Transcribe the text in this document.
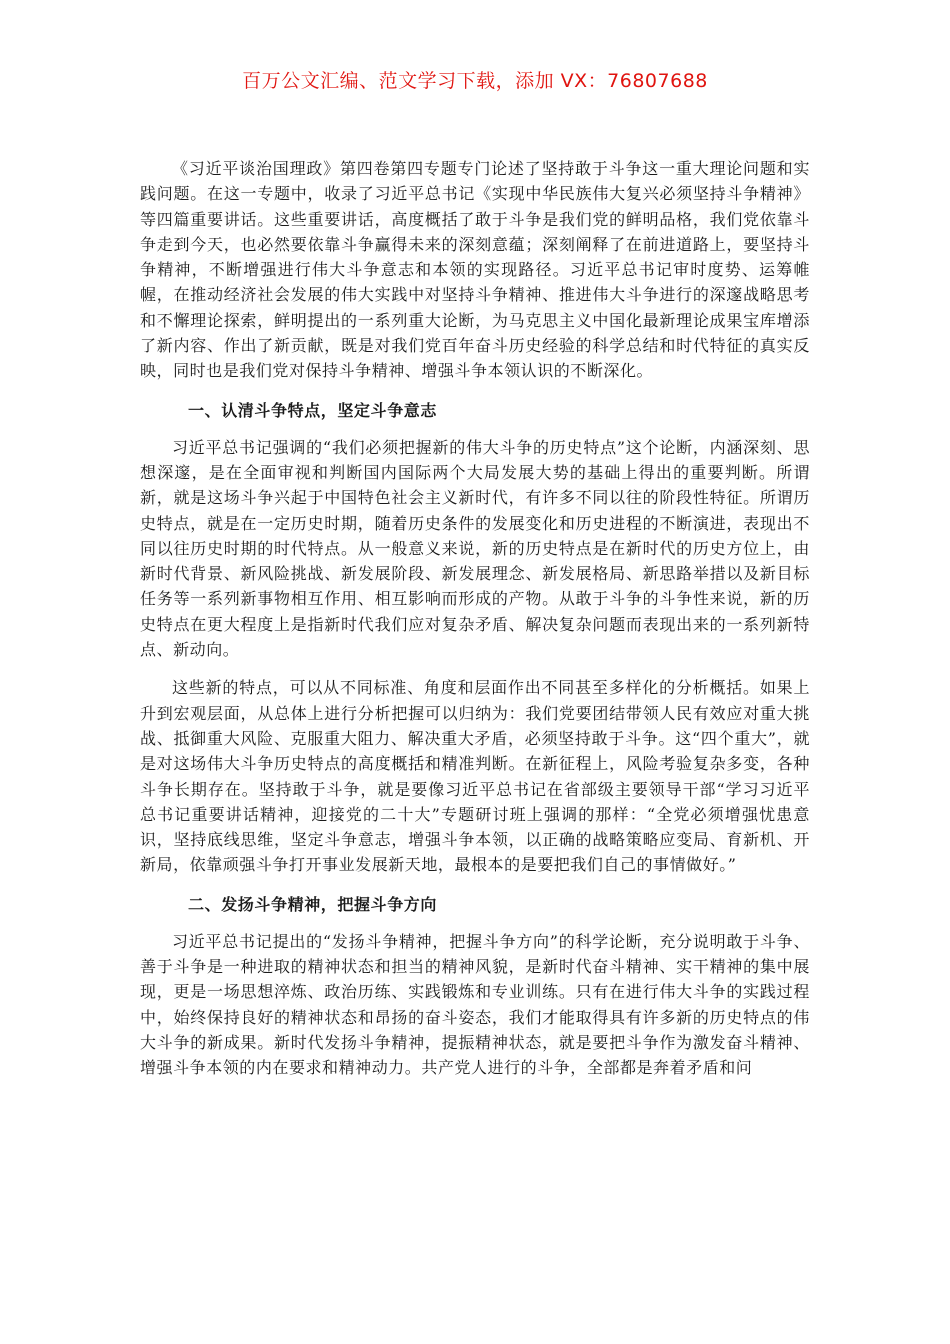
百万公文汇编、范文学习下载，添加 VX：76807688

《习近平谈治国理政》第四卷第四专题专门论述了坚持敢于斗争这一重大理论问题和实践问题。在这一专题中，收录了习近平总书记《实现中华民族伟大复兴必须坚持斗争精神》等四篇重要讲话。这些重要讲话，高度概括了敢于斗争是我们党的鲜明品格，我们党依靠斗争走到今天，也必然要依靠斗争赢得未来的深刻意蕴；深刻阐释了在前进道路上，要坚持斗争精神，不断增强进行伟大斗争意志和本领的实现路径。习近平总书记审时度势、运筹帷幄，在推动经济社会发展的伟大实践中对坚持斗争精神、推进伟大斗争进行的深邃战略思考和不懈理论探索，鲜明提出的一系列重大论断，为马克思主义中国化最新理论成果宝库增添了新内容、作出了新贡献，既是对我们党百年奋斗历史经验的科学总结和时代特征的真实反映，同时也是我们党对保持斗争精神、增强斗争本领认识的不断深化。

一、认清斗争特点，坚定斗争意志

习近平总书记强调的“我们必须把握新的伟大斗争的历史特点”这个论断，内涵深刻、思想深邃，是在全面审视和判断国内国际两个大局发展大势的基础上得出的重要判断。所谓新，就是这场斗争兴起于中国特色社会主义新时代，有许多不同以往的阶段性特征。所谓历史特点，就是在一定历史时期，随着历史条件的发展变化和历史进程的不断演进，表现出不同以往历史时期的时代特点。从一般意义来说，新的历史特点是在新时代的历史方位上，由新时代背景、新风险挑战、新发展阶段、新发展理念、新发展格局、新思路举措以及新目标任务等一系列新事物相互作用、相互影响而形成的产物。从敢于斗争的斗争性来说，新的历史特点在更大程度上是指新时代我们应对复杂矛盾、解决复杂问题而表现出来的一系列新特点、新动向。

这些新的特点，可以从不同标准、角度和层面作出不同甚至多样化的分析概括。如果上升到宏观层面，从总体上进行分析把握可以归纳为：我们党要团结带领人民有效应对重大挑战、抵御重大风险、克服重大阻力、解决重大矛盾，必须坚持敢于斗争。这“四个重大”，就是对这场伟大斗争历史特点的高度概括和精准判断。在新征程上，风险考验复杂多变，各种斗争长期存在。坚持敢于斗争，就是要像习近平总书记在省部级主要领导干部“学习习近平总书记重要讲话精神，迎接党的二十大”专题研讨班上强调的那样：“全党必须增强忧患意识，坚持底线思维，坚定斗争意志，增强斗争本领，以正确的战略策略应变局、育新机、开新局，依靠顽强斗争打开事业发展新天地，最根本的是要把我们自己的事情做好。”

二、发扬斗争精神，把握斗争方向

习近平总书记提出的“发扬斗争精神，把握斗争方向”的科学论断，充分说明敢于斗争、善于斗争是一种进取的精神状态和担当的精神风貌，是新时代奋斗精神、实干精神的集中展现，更是一场思想淬炼、政治历练、实践锻炼和专业训练。只有在进行伟大斗争的实践过程中，始终保持良好的精神状态和昂扬的奋斗姿态，我们才能取得具有许多新的历史特点的伟大斗争的新成果。新时代发扬斗争精神，提振精神状态，就是要把斗争作为激发奋斗精神、增强斗争本领的内在要求和精神动力。共产党人进行的斗争，全部都是奔着矛盾和问
